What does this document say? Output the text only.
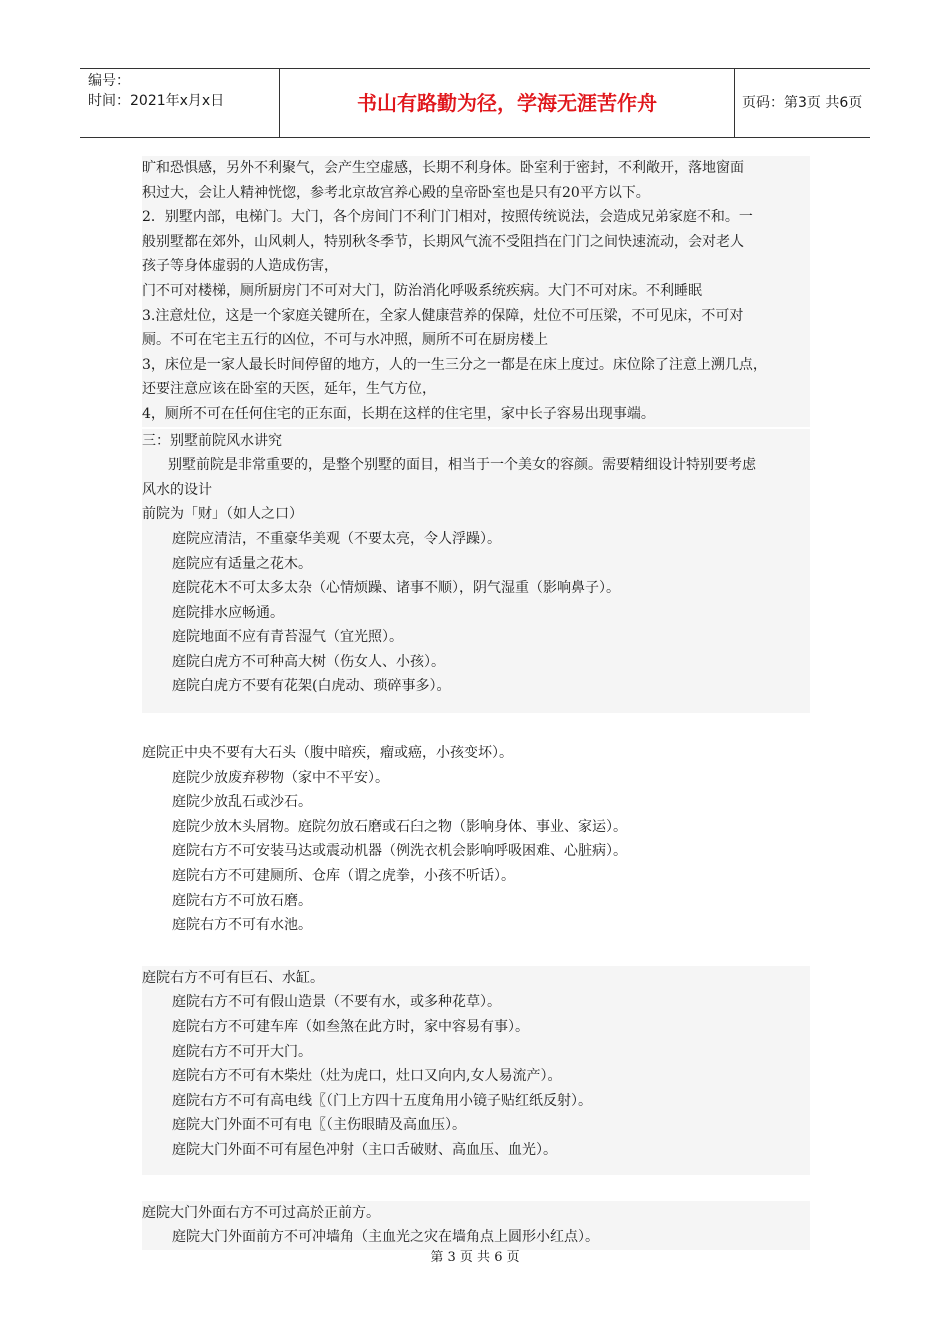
编号：
时间：2021年x月x日	书山有路勤为径，学海无涯苦作舟	页码：第3页 共6页

旷和恐惧感，另外不利聚气，会产生空虚感，长期不利身体。卧室利于密封，不利敞开，落地窗面

积过大，会让人精神恍惚，参考北京故宫养心殿的皇帝卧室也是只有20平方以下。

2．别墅内部，电梯门。大门，各个房间门不利门门相对，按照传统说法，会造成兄弟家庭不和。一

般别墅都在郊外，山风刺人，特别秋冬季节，长期风气流不受阻挡在门门之间快速流动，会对老人

孩子等身体虚弱的人造成伤害，

门不可对楼梯，厕所厨房门不可对大门，防治消化呼吸系统疾病。大门不可对床。不利睡眠

3.注意灶位，这是一个家庭关键所在，全家人健康营养的保障，灶位不可压梁，不可见床，不可对

厕。不可在宅主五行的凶位，不可与水冲照，厕所不可在厨房楼上

3，床位是一家人最长时间停留的地方，人的一生三分之一都是在床上度过。床位除了注意上溯几点，

还要注意应该在卧室的天医，延年，生气方位，

4，厕所不可在任何住宅的正东面，长期在这样的住宅里，家中长子容易出现事端。

三：别墅前院风水讲究

别墅前院是非常重要的，是整个别墅的面目，相当于一个美女的容颜。需要精细设计特别要考虑

风水的设计

前院为「财」（如人之口）

庭院应清洁，不重豪华美观（不要太亮，令人浮躁）。

庭院应有适量之花木。

庭院花木不可太多太杂（心情烦躁、诸事不顺），阴气湿重（影响鼻子）。

庭院排水应畅通。

庭院地面不应有青苔湿气（宜光照）。

庭院白虎方不可种高大树（伤女人、小孩）。

庭院白虎方不要有花架(白虎动、琐碎事多）。

庭院正中央不要有大石头（腹中暗疾，瘤或癌，小孩变坏）。

庭院少放废弃秽物（家中不平安）。

庭院少放乱石或沙石。

庭院少放木头屑物。庭院勿放石磨或石臼之物（影响身体、事业、家运）。

庭院右方不可安装马达或震动机器（例洗衣机会影响呼吸困难、心脏病）。

庭院右方不可建厕所、仓库（谓之虎拳，小孩不听话）。

庭院右方不可放石磨。

庭院右方不可有水池。

庭院右方不可有巨石、水缸。

庭院右方不可有假山造景（不要有水，或多种花草）。

庭院右方不可建车库（如叁煞在此方时，家中容易有事）。

庭院右方不可开大门。

庭院右方不可有木柴灶（灶为虎口，灶口又向内,女人易流产）。

庭院右方不可有高电线〖（门上方四十五度角用小镜子贴红纸反射）。

庭院大门外面不可有电〖（主伤眼睛及高血压）。

庭院大门外面不可有屋色冲射（主口舌破财、高血压、血光）。

庭院大门外面右方不可过高於正前方。

庭院大门外面前方不可冲墙角（主血光之灾在墙角点上圆形小红点）。

第 3 页 共 6 页
